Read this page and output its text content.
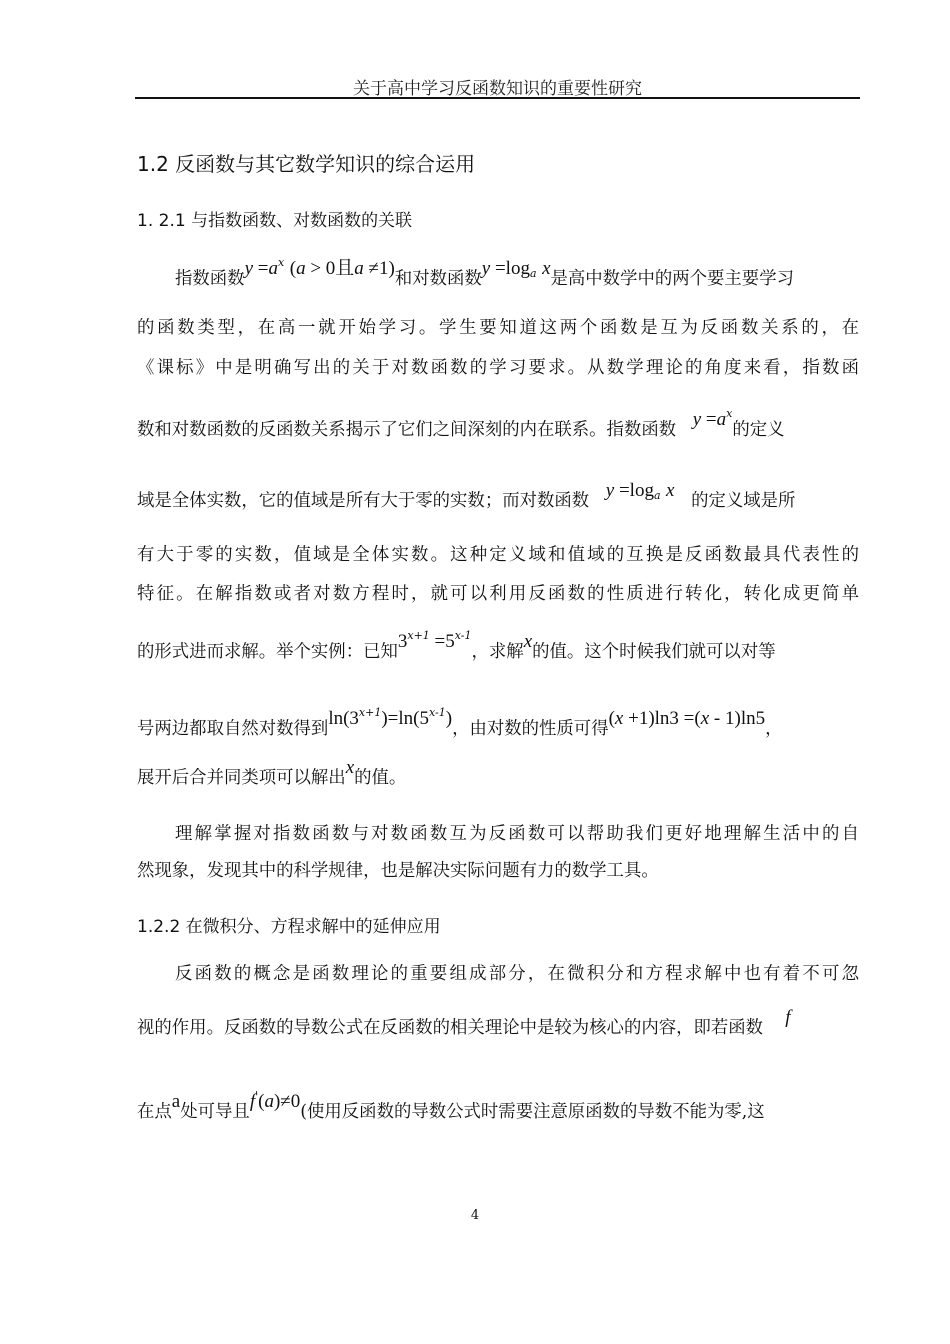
关于高中学习反函数知识的重要性研究
1.2 反函数与其它数学知识的综合运用
1. 2.1 与指数函数、对数函数的关联
指数函数$y =a^x$ (a > 0且a ≠1)和对数函数$y =\log_a$ x是高中数学中的两个要主要学习
的函数类型，在高一就开始学习。学生要知道这两个函数是互为反函数关系的，在
《课标》中是明确写出的关于对数函数的学习要求。从数学理论的角度来看，指数函
数和对数函数的反函数关系揭示了它们之间深刻的内在联系。指数函数 $y =a^x$的定义
域是全体实数，它的值域是所有大于零的实数；而对数函数 $y =\log_a$ x 的定义域是所
有大于零的实数，值域是全体实数。这种定义域和值域的互换是反函数最具代表性的
特征。在解指数或者对数方程时，就可以利用反函数的性质进行转化，转化成更简单
的形式进而求解。举个实例：已知$3^{x+1} =5^{x-1}$，求解x的值。这个时候我们就可以对等
号两边都取自然对数得到$\ln(3^{x+1})=\ln(5^{x-1})$，由对数的性质可得(x +1)ln3 =(x - 1)ln5，
展开后合并同类项可以解出x的值。
理解掌握对指数函数与对数函数互为反函数可以帮助我们更好地理解生活中的自
然现象，发现其中的科学规律，也是解决实际问题有力的数学工具。
1.2.2 在微积分、方程求解中的延伸应用
反函数的概念是函数理论的重要组成部分，在微积分和方程求解中也有着不可忽
视的作用。反函数的导数公式在反函数的相关理论中是较为核心的内容，即若函数 f
在点a处可导且f'(a)≠0(使用反函数的导数公式时需要注意原函数的导数不能为零,这
4
